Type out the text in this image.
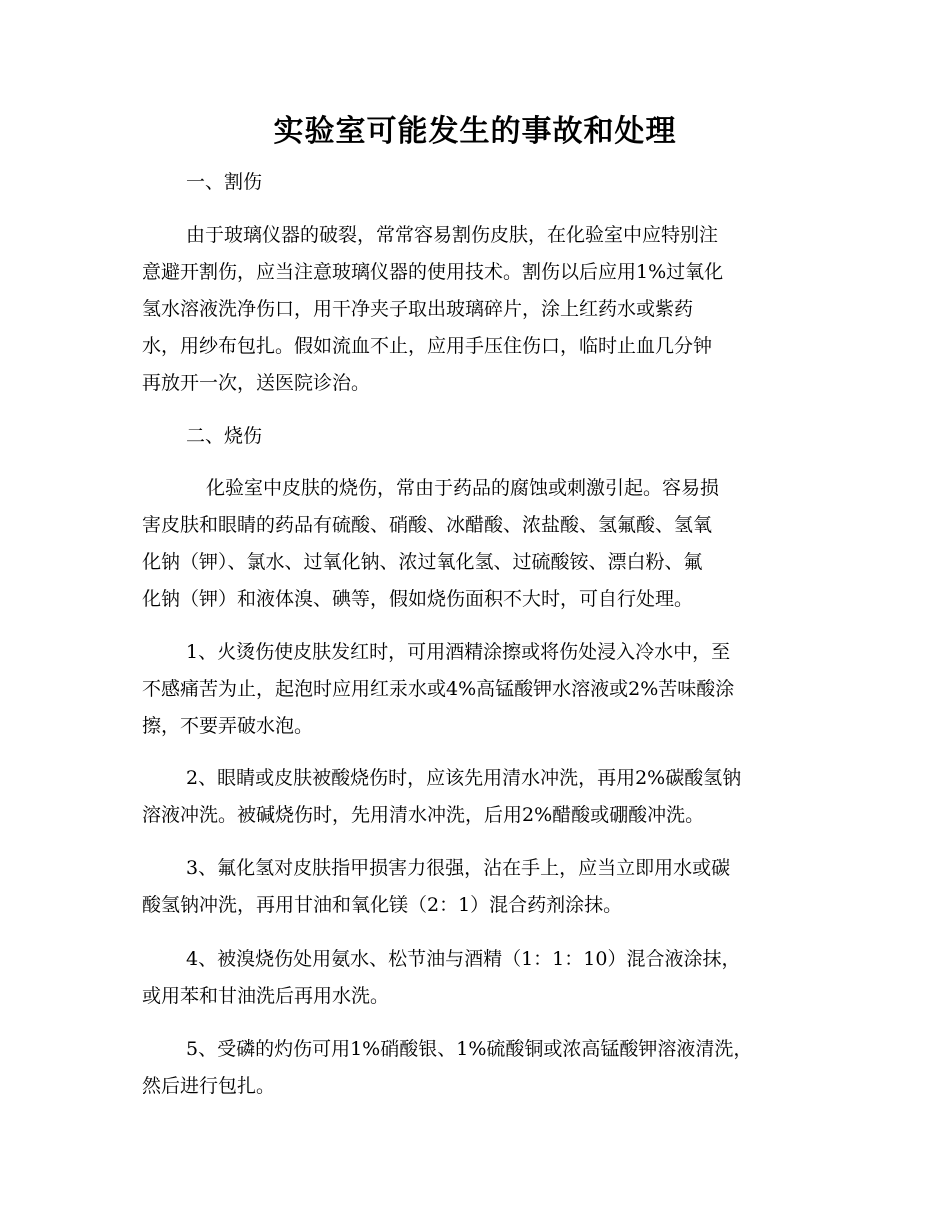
实验室可能发生的事故和处理
一、割伤
由于玻璃仪器的破裂，常常容易割伤皮肤，在化验室中应特别注
意避开割伤，应当注意玻璃仪器的使用技术。割伤以后应用1%过氧化
氢水溶液洗净伤口，用干净夹子取出玻璃碎片，涂上红药水或紫药
水，用纱布包扎。假如流血不止，应用手压住伤口，临时止血几分钟
再放开一次，送医院诊治。
二、烧伤
化验室中皮肤的烧伤，常由于药品的腐蚀或刺激引起。容易损
害皮肤和眼睛的药品有硫酸、硝酸、冰醋酸、浓盐酸、氢氟酸、氢氧
化钠（钾）、氯水、过氧化钠、浓过氧化氢、过硫酸铵、漂白粉、氟
化钠（钾）和液体溴、碘等，假如烧伤面积不大时，可自行处理。
1、火烫伤使皮肤发红时，可用酒精涂擦或将伤处浸入冷水中，至
不感痛苦为止，起泡时应用红汞水或4%高锰酸钾水溶液或2%苦味酸涂
擦，不要弄破水泡。
2、眼睛或皮肤被酸烧伤时，应该先用清水冲洗，再用2%碳酸氢钠
溶液冲洗。被碱烧伤时，先用清水冲洗，后用2%醋酸或硼酸冲洗。
3、氟化氢对皮肤指甲损害力很强，沾在手上，应当立即用水或碳
酸氢钠冲洗，再用甘油和氧化镁（2：1）混合药剂涂抹。
4、被溴烧伤处用氨水、松节油与酒精（1：1：10）混合液涂抹，
或用苯和甘油洗后再用水洗。
5、受磷的灼伤可用1%硝酸银、1%硫酸铜或浓高锰酸钾溶液清洗，
然后进行包扎。
